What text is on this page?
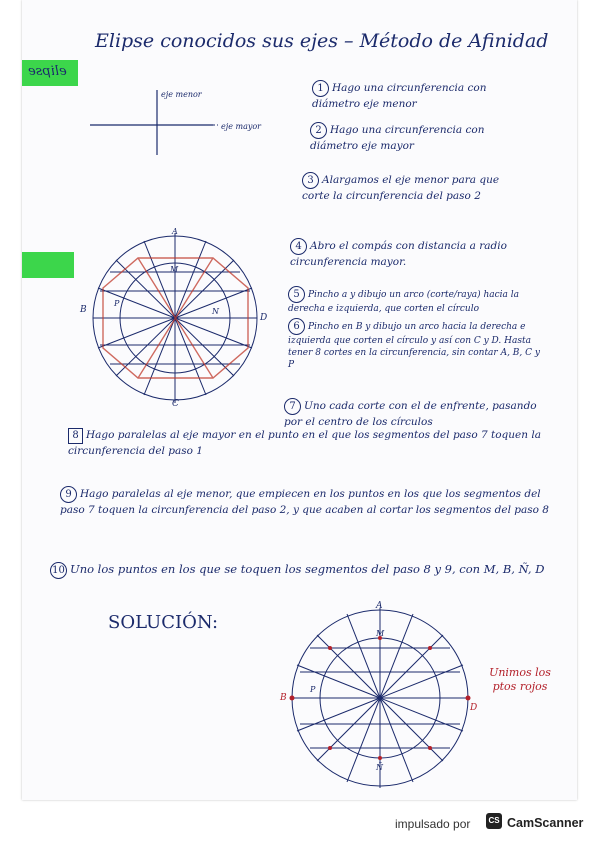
elipse
Elipse conocidos sus ejes – Método de Afinidad
eje menor
eje mayor
1 Hago una circunferencia con diámetro eje menor
2 Hago una circunferencia con diámetro eje mayor
3 Alargamos el eje menor para que corte la circunferencia del paso 2
4 Abro el compás con distancia a radio circunferencia mayor.
5 Pincho a y dibujo un arco (corte/raya) hacia la derecha e izquierda, que corten el círculo
6 Pincho en B y dibujo un arco hacia la derecha e izquierda que corten el círculo y así con C y D. Hasta tener 8 cortes en la circunferencia, sin contar A, B, C y P
7 Uno cada corte con el de enfrente, pasando por el centro de los círculos
A
B
C
D
M
N
P
8 Hago paralelas al eje mayor en el punto en el que los segmentos del paso 7 toquen la circunferencia del paso 1
9 Hago paralelas al eje menor, que empiecen en los puntos en los que los segmentos del paso 7 toquen la circunferencia del paso 2, y que acaben al cortar los segmentos del paso 8
10 Uno los puntos en los que se toquen los segmentos del paso 8 y 9, con M, B, Ñ, D
SOLUCIÓN:
A
B
D
M
Ñ
P
Unimos los ptos rojos
impulsado por	CS CamScanner
